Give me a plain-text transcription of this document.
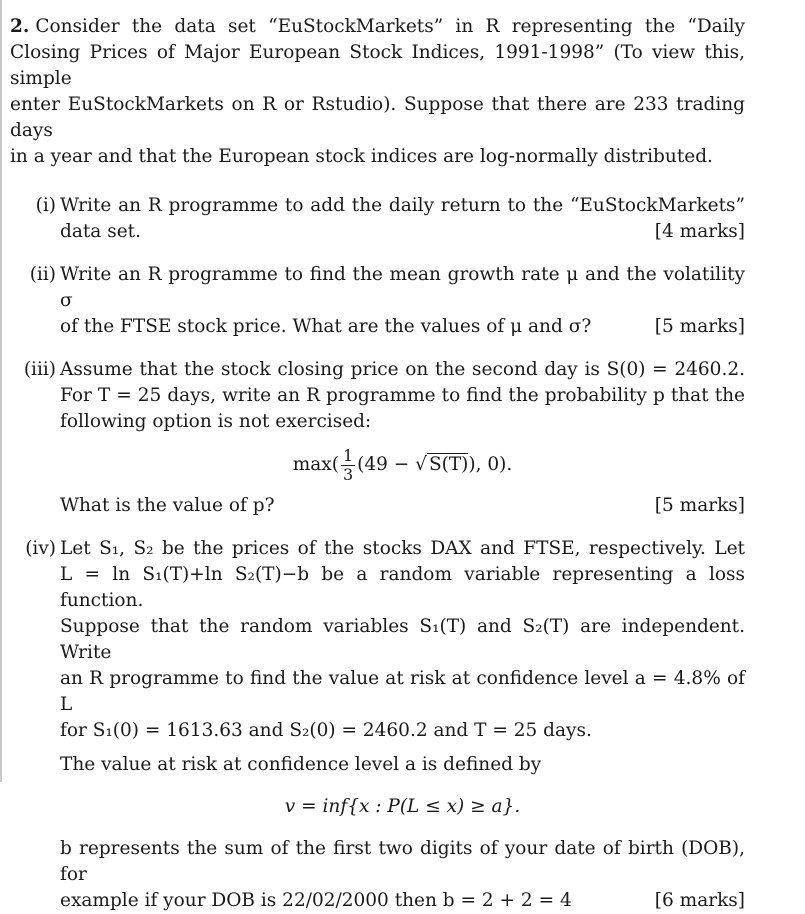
2. Consider the data set “EuStockMarkets” in R representing the “Daily
Closing Prices of Major European Stock Indices, 1991-1998” (To view this, simple
enter EuStockMarkets on R or Rstudio). Suppose that there are 233 trading days
in a year and that the European stock indices are log-normally distributed.
(i) Write an R programme to add the daily return to the “EuStockMarkets”
data set.	[4 marks]
(ii) Write an R programme to find the mean growth rate μ and the volatility σ
of the FTSE stock price. What are the values of μ and σ?	[5 marks]
(iii) Assume that the stock closing price on the second day is S(0) = 2460.2.
For T = 25 days, write an R programme to find the probability p that the
following option is not exercised:
$\max( \frac{1}{3} (49$ − √ S(T)), 0).
What is the value of p?	[5 marks]
(iv) Let S₁, S₂ be the prices of the stocks DAX and FTSE, respectively. Let
L = ln S₁(T)+ln S₂(T)−b be a random variable representing a loss function.
Suppose that the random variables S₁(T) and S₂(T) are independent. Write
an R programme to find the value at risk at confidence level a = 4.8% of L
for S₁(0) = 1613.63 and S₂(0) = 2460.2 and T = 25 days.
The value at risk at confidence level a is defined by
v = inf{x : P(L ≤ x) ≥ a}.
b represents the sum of the first two digits of your date of birth (DOB), for
example if your DOB is 22/02/2000 then b = 2 + 2 = 4	[6 marks]
